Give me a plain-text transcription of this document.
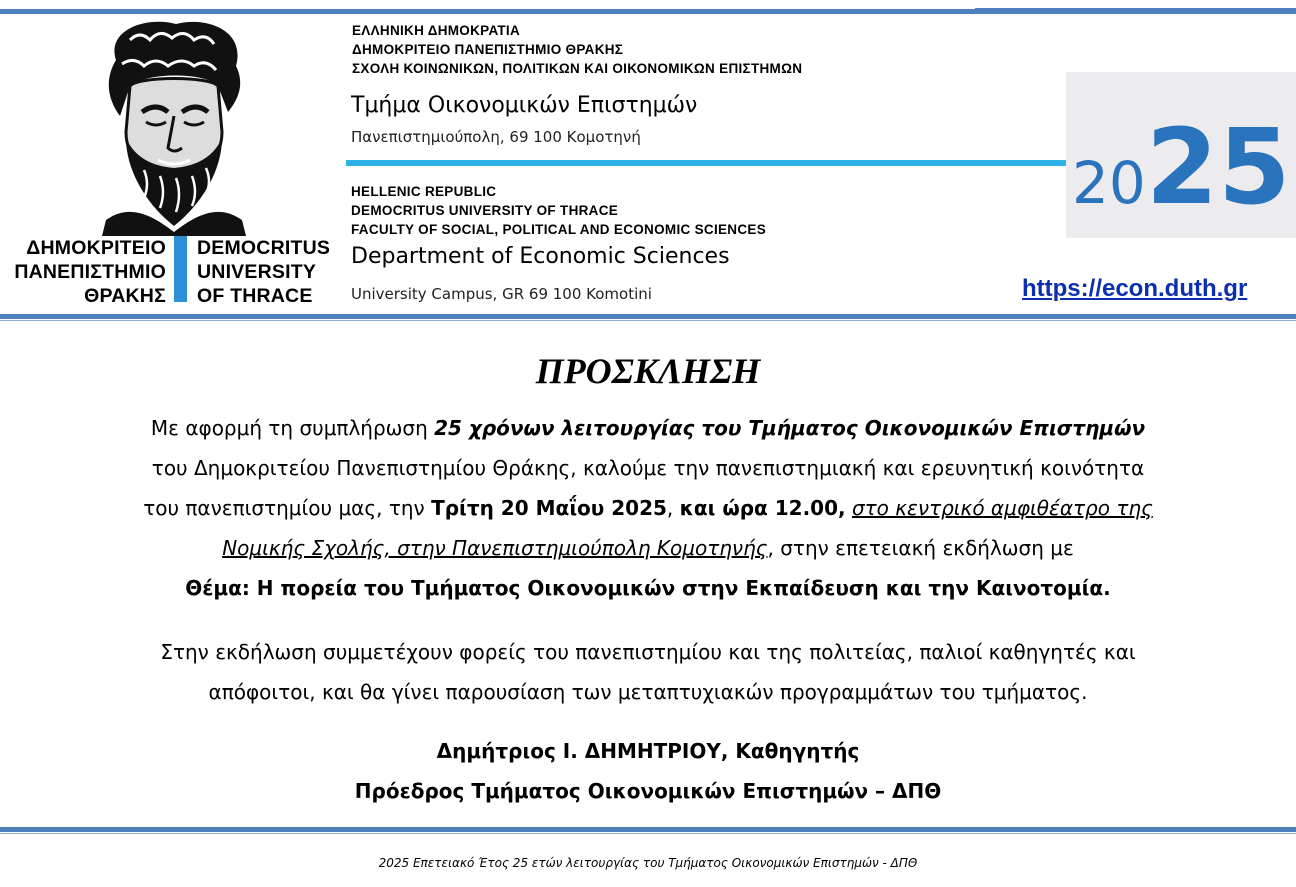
ΔΗΜΟΚΡΙΤΕΙΟ
ΠΑΝΕΠΙΣΤΗΜΙΟ
ΘΡΑΚΗΣ
DEMOCRITUS
UNIVERSITY
OF THRACE
ΕΛΛΗΝΙΚΗ ΔΗΜΟΚΡΑΤΙΑ
ΔΗΜΟΚΡΙΤΕΙΟ ΠΑΝΕΠΙΣΤΗΜΙΟ ΘΡΑΚΗΣ
ΣΧΟΛΗ ΚΟΙΝΩΝΙΚΩΝ, ΠΟΛΙΤΙΚΩΝ ΚΑΙ ΟΙΚΟΝΟΜΙΚΩΝ ΕΠΙΣΤΗΜΩΝ
Τμήμα Οικονομικών Επιστημών
Πανεπιστημιούπολη, 69 100 Κομοτηνή
HELLENIC REPUBLIC
DEMOCRITUS UNIVERSITY OF THRACE
FACULTY OF SOCIAL, POLITICAL AND ECONOMIC SCIENCES
Department of Economic Sciences
University Campus, GR 69 100 Komotini
2025
https://econ.duth.gr
ΠΡΟΣΚΛΗΣΗ
Με αφορμή τη συμπλήρωση 25 χρόνων λειτουργίας του Τμήματος Οικονομικών Επιστημών
του Δημοκριτείου Πανεπιστημίου Θράκης, καλούμε την πανεπιστημιακή και ερευνητική κοινότητα
του πανεπιστημίου μας, την Τρίτη 20 Μαΐου 2025, και ώρα 12.00, στο κεντρικό αμφιθέατρο της
Νομικής Σχολής, στην Πανεπιστημιούπολη Κομοτηνής, στην επετειακή εκδήλωση με
Θέμα: Η πορεία του Τμήματος Οικονομικών στην Εκπαίδευση και την Καινοτομία.
Στην εκδήλωση συμμετέχουν φορείς του πανεπιστημίου και της πολιτείας, παλιοί καθηγητές και
απόφοιτοι, και θα γίνει παρουσίαση των μεταπτυχιακών προγραμμάτων του τμήματος.
Δημήτριος Ι. ΔΗΜΗΤΡΙΟΥ, Καθηγητής
Πρόεδρος Τμήματος Οικονομικών Επιστημών – ΔΠΘ
2025 Επετειακό Έτος 25 ετών λειτουργίας του Τμήματος Οικονομικών Επιστημών - ΔΠΘ
